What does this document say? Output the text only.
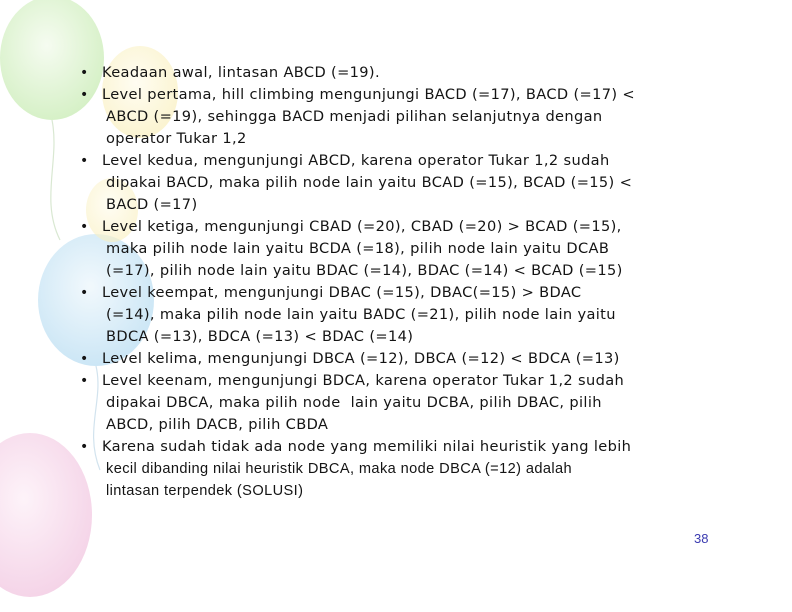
• Keadaan awal, lintasan ABCD (=19).
• Level pertama, hill climbing mengunjungi BACD (=17), BACD (=17) <
ABCD (=19), sehingga BACD menjadi pilihan selanjutnya dengan
operator Tukar 1,2
• Level kedua, mengunjungi ABCD, karena operator Tukar 1,2 sudah
dipakai BACD, maka pilih node lain yaitu BCAD (=15), BCAD (=15) <
BACD (=17)
• Level ketiga, mengunjungi CBAD (=20), CBAD (=20) > BCAD (=15),
maka pilih node lain yaitu BCDA (=18), pilih node lain yaitu DCAB
(=17), pilih node lain yaitu BDAC (=14), BDAC (=14) < BCAD (=15)
• Level keempat, mengunjungi DBAC (=15), DBAC(=15) > BDAC
(=14), maka pilih node lain yaitu BADC (=21), pilih node lain yaitu
BDCA (=13), BDCA (=13) < BDAC (=14)
• Level kelima, mengunjungi DBCA (=12), DBCA (=12) < BDCA (=13)
• Level keenam, mengunjungi BDCA, karena operator Tukar 1,2 sudah
dipakai DBCA, maka pilih node  lain yaitu DCBA, pilih DBAC, pilih
ABCD, pilih DACB, pilih CBDA
• Karena sudah tidak ada node yang memiliki nilai heuristik yang lebih
kecil dibanding nilai heuristik DBCA, maka node DBCA (=12) adalah
lintasan terpendek (SOLUSI)
38
